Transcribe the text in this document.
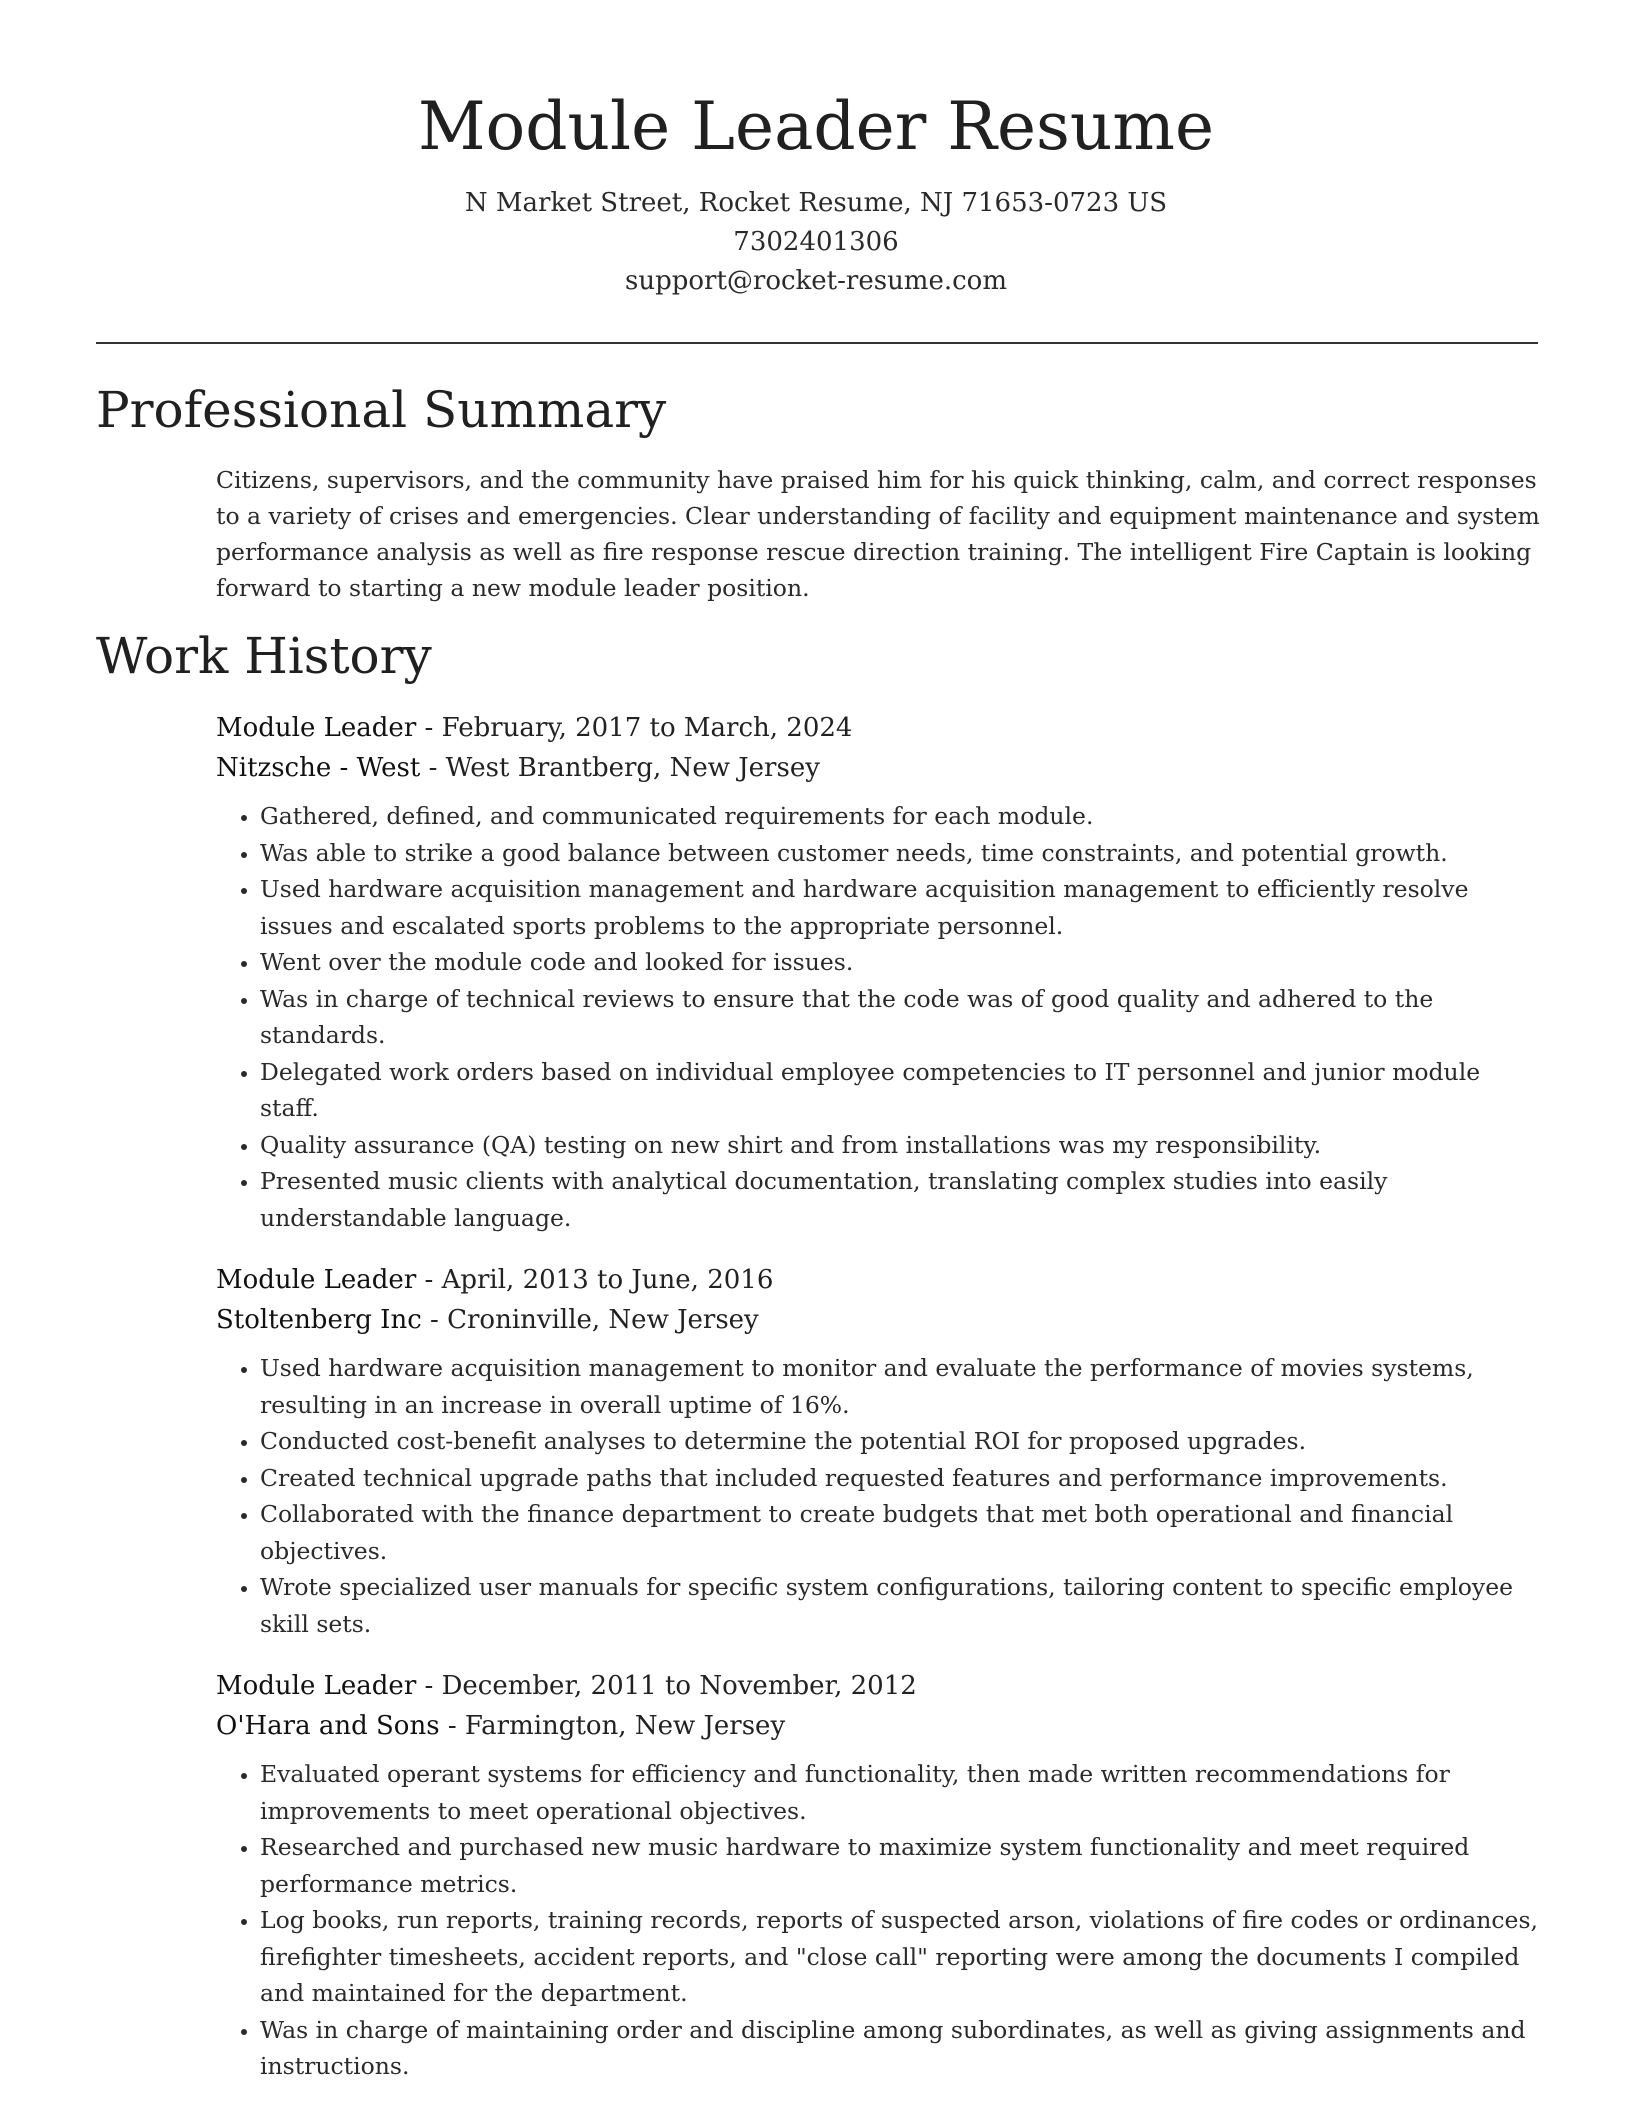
Module Leader Resume
N Market Street, Rocket Resume, NJ 71653-0723 US
7302401306
support@rocket-resume.com
Professional Summary
Citizens, supervisors, and the community have praised him for his quick thinking, calm, and correct responses to a variety of crises and emergencies. Clear understanding of facility and equipment maintenance and system performance analysis as well as fire response rescue direction training. The intelligent Fire Captain is looking forward to starting a new module leader position.
Work History
Module Leader - February, 2017 to March, 2024
Nitzsche - West - West Brantberg, New Jersey
• Gathered, defined, and communicated requirements for each module.
• Was able to strike a good balance between customer needs, time constraints, and potential growth.
• Used hardware acquisition management and hardware acquisition management to efficiently resolve issues and escalated sports problems to the appropriate personnel.
• Went over the module code and looked for issues.
• Was in charge of technical reviews to ensure that the code was of good quality and adhered to the standards.
• Delegated work orders based on individual employee competencies to IT personnel and junior module staff.
• Quality assurance (QA) testing on new shirt and from installations was my responsibility.
• Presented music clients with analytical documentation, translating complex studies into easily understandable language.
Module Leader - April, 2013 to June, 2016
Stoltenberg Inc - Croninville, New Jersey
• Used hardware acquisition management to monitor and evaluate the performance of movies systems, resulting in an increase in overall uptime of 16%.
• Conducted cost-benefit analyses to determine the potential ROI for proposed upgrades.
• Created technical upgrade paths that included requested features and performance improvements.
• Collaborated with the finance department to create budgets that met both operational and financial objectives.
• Wrote specialized user manuals for specific system configurations, tailoring content to specific employee skill sets.
Module Leader - December, 2011 to November, 2012
O'Hara and Sons - Farmington, New Jersey
• Evaluated operant systems for efficiency and functionality, then made written recommendations for improvements to meet operational objectives.
• Researched and purchased new music hardware to maximize system functionality and meet required performance metrics.
• Log books, run reports, training records, reports of suspected arson, violations of fire codes or ordinances, firefighter timesheets, accident reports, and "close call" reporting were among the documents I compiled and maintained for the department.
• Was in charge of maintaining order and discipline among subordinates, as well as giving assignments and instructions.
